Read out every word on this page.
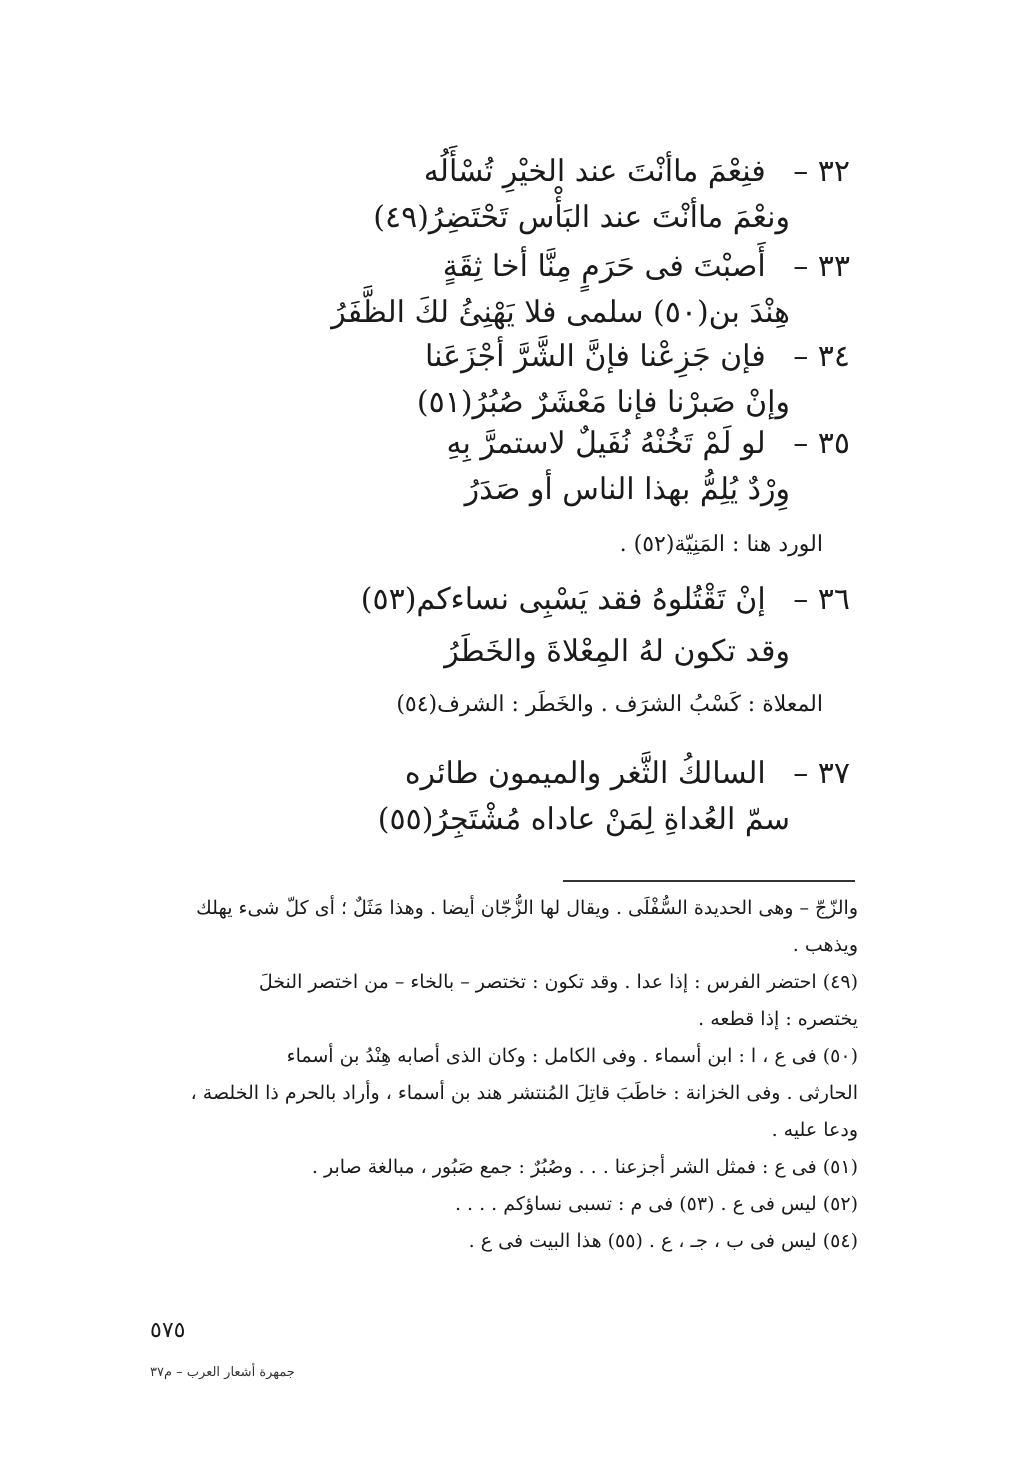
٣٢ – فنِعْمَ ماأنْتَ عند الخيْرِ تُسْأَلُه
ونعْمَ ماأنْتَ عند البَأْس تَحْتَضِرُ(٤٩)
٣٣ – أَصبْتَ فى حَرَمٍ مِنَّا أخا ثِقَةٍ
هِنْدَ بن(٥٠) سلمى فلا يَهْنِئُ لكَ الظَّفَرُ
٣٤ – فإن جَزِعْنا فإنَّ الشَّرَّ أجْزَعَنا
وإنْ صَبرْنا فإنا مَعْشَرٌ صُبُرُ(٥١)
٣٥ – لو لَمْ تَخُنْهُ نُفَيلٌ لاستمرَّ بِهِ
وِرْدٌ يُلِمُّ بهذا الناس أو صَدَرُ
الورد هنا : المَنِيّة(٥٢) .
٣٦ – إنْ تَقْتُلوهُ فقد يَسْبِى نساءكم(٥٣)
وقد تكون لهُ المِعْلاةَ والخَطَرُ
المعلاة : كَسْبُ الشرَف . والخَطَر : الشرف(٥٤)
٣٧ – السالكُ الثَّغر والميمون طائره
سمّ العُداةِ لِمَنْ عاداه مُشْتَجِرُ(٥٥)
والزّجّ – وهى الحديدة السُّفْلَى . ويقال لها الزُّجّان أيضا . وهذا مَثَلٌ ؛ أى كلّ شىء يهلك
ويذهب .
(٤٩) احتضر الفرس : إذا عدا . وقد تكون : تختصر – بالخاء – من اختصر النخلَ
يختصره : إذا قطعه .
(٥٠) فى ع ، ا : ابن أسماء . وفى الكامل : وكان الذى أصابه هِنْدُ بن أسماء
الحارثى . وفى الخزانة : خاطَبَ قاتِلَ المُنتشر هند بن أسماء ، وأراد بالحرم ذا الخلصة ،
ودعا عليه .
(٥١) فى ع : فمثل الشر أجزعنا . . . وصُبُرٌ : جمع صَبُور ، مبالغة صابر .
(٥٢) ليس فى ع . (٥٣) فى م : تسبى نساؤكم . . . .
(٥٤) ليس فى ب ، جـ ، ع . (٥٥) هذا البيت فى ع .
٥٧٥
جمهرة أشعار العرب – م٣٧
